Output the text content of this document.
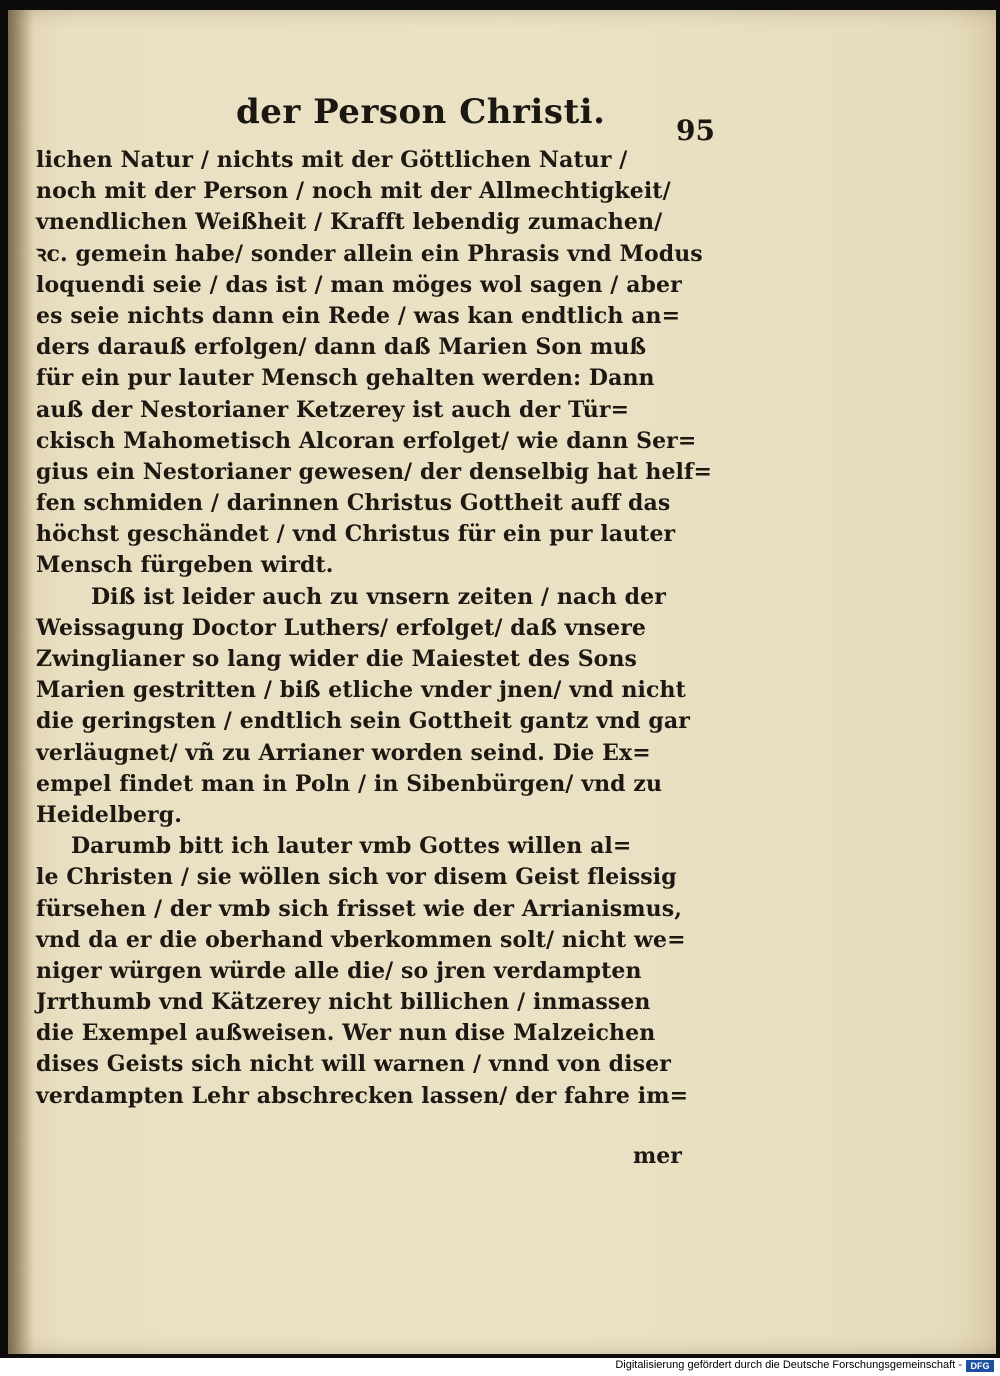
der Person Christi.	95
lichen Natur / nichts mit der Göttlichen Natur /
noch mit der Person / noch mit der Allmechtigkeit/
vnendlichen Weißheit / Krafft lebendig zumachen/
ꝛc. gemein habe/ sonder allein ein Phrasis vnd Modus
loquendi seie / das ist / man möges wol sagen / aber
es seie nichts dann ein Rede / was kan endtlich an=
ders darauß erfolgen/ dann daß Marien Son muß
für ein pur lauter Mensch gehalten werden: Dann
auß der Nestorianer Ketzerey ist auch der Tür=
ckisch Mahometisch Alcoran erfolget/ wie dann Ser=
gius ein Nestorianer gewesen/ der denselbig hat helf=
fen schmiden / darinnen Christus Gottheit auff das
höchst geschändet / vnd Christus für ein pur lauter
Mensch fürgeben wirdt.
Diß ist leider auch zu vnsern zeiten / nach der
Weissagung Doctor Luthers/ erfolget/ daß vnsere
Zwinglianer so lang wider die Maiestet des Sons
Marien gestritten / biß etliche vnder jnen/ vnd nicht
die geringsten / endtlich sein Gottheit gantz vnd gar
verläugnet/ vñ zu Arrianer worden seind. Die Ex=
empel findet man in Poln / in Sibenbürgen/ vnd zu
Heidelberg.
Darumb bitt ich lauter vmb Gottes willen al=
le Christen / sie wöllen sich vor disem Geist fleissig
fürsehen / der vmb sich frisset wie der Arrianismus,
vnd da er die oberhand vberkommen solt/ nicht we=
niger würgen würde alle die/ so jren verdampten
Jrrthumb vnd Kätzerey nicht billichen / inmassen
die Exempel außweisen. Wer nun dise Malzeichen
dises Geists sich nicht will warnen / vnnd von diser
verdampten Lehr abschrecken lassen/ der fahre im=
mer
Digitalisierung gefördert durch die Deutsche Forschungsgemeinschaft - DFG
